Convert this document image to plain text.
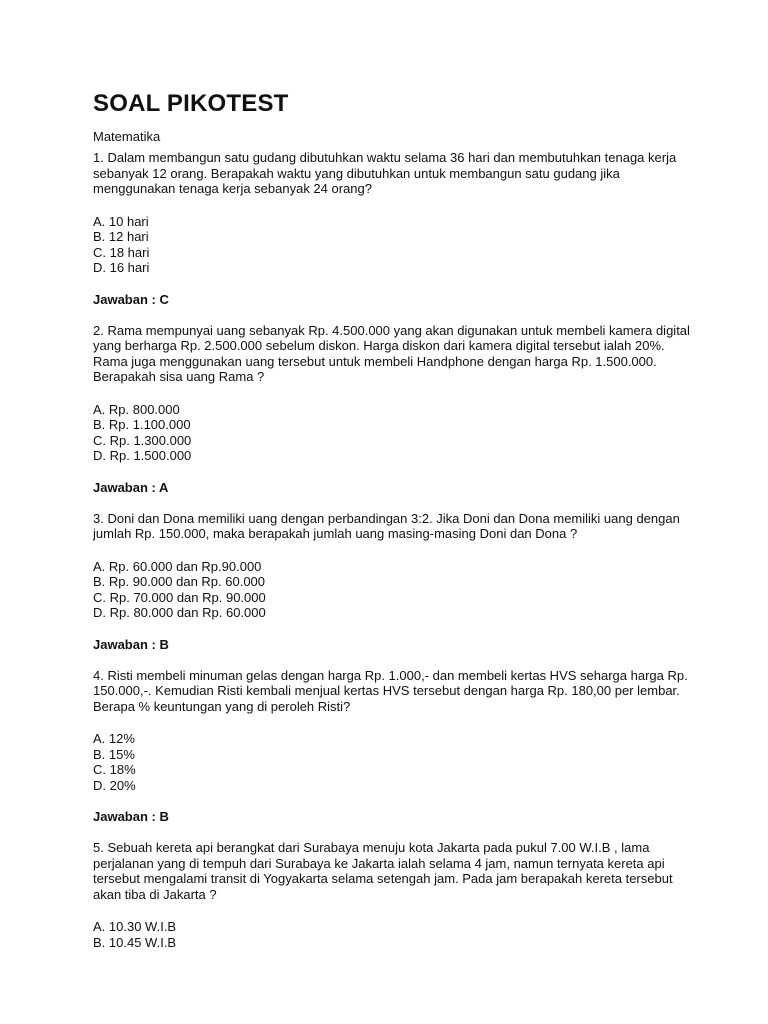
SOAL PIKOTEST

Matematika

1. Dalam membangun satu gudang dibutuhkan waktu selama 36 hari dan membutuhkan tenaga kerja sebanyak 12 orang. Berapakah waktu yang dibutuhkan untuk membangun satu gudang jika menggunakan tenaga kerja sebanyak 24 orang?

A. 10 hari
B. 12 hari
C. 18 hari
D. 16 hari

Jawaban : C

2. Rama mempunyai uang sebanyak Rp. 4.500.000 yang akan digunakan untuk membeli kamera digital yang berharga Rp. 2.500.000 sebelum diskon. Harga diskon dari kamera digital tersebut ialah 20%. Rama juga menggunakan uang tersebut untuk membeli Handphone dengan harga Rp. 1.500.000. Berapakah sisa uang Rama ?

A. Rp. 800.000
B. Rp. 1.100.000
C. Rp. 1.300.000
D. Rp. 1.500.000

Jawaban : A

3. Doni dan Dona memiliki uang dengan perbandingan 3:2. Jika Doni dan Dona memiliki uang dengan jumlah Rp. 150.000, maka berapakah jumlah uang masing-masing Doni dan Dona ?

A. Rp. 60.000 dan Rp.90.000
B. Rp. 90.000 dan Rp. 60.000
C. Rp. 70.000 dan Rp. 90.000
D. Rp. 80.000 dan Rp. 60.000

Jawaban : B

4. Risti membeli minuman gelas dengan harga Rp. 1.000,- dan membeli kertas HVS seharga harga Rp. 150.000,-. Kemudian Risti kembali menjual kertas HVS tersebut dengan harga Rp. 180,00 per lembar. Berapa % keuntungan yang di peroleh Risti?

A. 12%
B. 15%
C. 18%
D. 20%

Jawaban : B

5. Sebuah kereta api berangkat dari Surabaya menuju kota Jakarta pada pukul 7.00 W.I.B , lama perjalanan yang di tempuh dari Surabaya ke Jakarta ialah selama 4 jam, namun ternyata kereta api tersebut mengalami transit di Yogyakarta selama setengah jam. Pada jam berapakah kereta tersebut akan tiba di Jakarta ?

A. 10.30 W.I.B
B. 10.45 W.I.B
